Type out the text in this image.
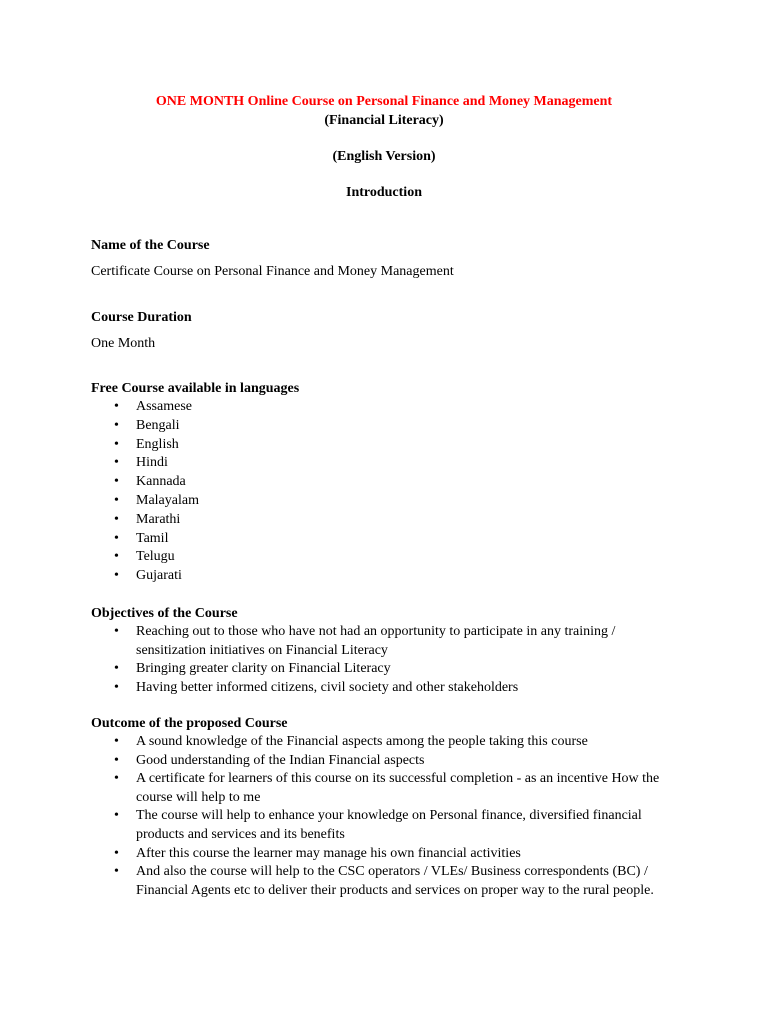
ONE MONTH Online Course on Personal Finance and Money Management
(Financial Literacy)
(English Version)
Introduction
Name of the Course
Certificate Course on Personal Finance and Money Management
Course Duration
One Month
Free Course available in languages
• Assamese
• Bengali
• English
• Hindi
• Kannada
• Malayalam
• Marathi
• Tamil
• Telugu
• Gujarati
Objectives of the Course
• Reaching out to those who have not had an opportunity to participate in any training / sensitization initiatives on Financial Literacy
• Bringing greater clarity on Financial Literacy
• Having better informed citizens, civil society and other stakeholders
Outcome of the proposed Course
• A sound knowledge of the Financial aspects among the people taking this course
• Good understanding of the Indian Financial aspects
• A certificate for learners of this course on its successful completion - as an incentive How the course will help to me
• The course will help to enhance your knowledge on Personal finance, diversified financial products and services and its benefits
• After this course the learner may manage his own financial activities
• And also the course will help to the CSC operators / VLEs/ Business correspondents (BC) / Financial Agents etc to deliver their products and services on proper way to the rural people.
